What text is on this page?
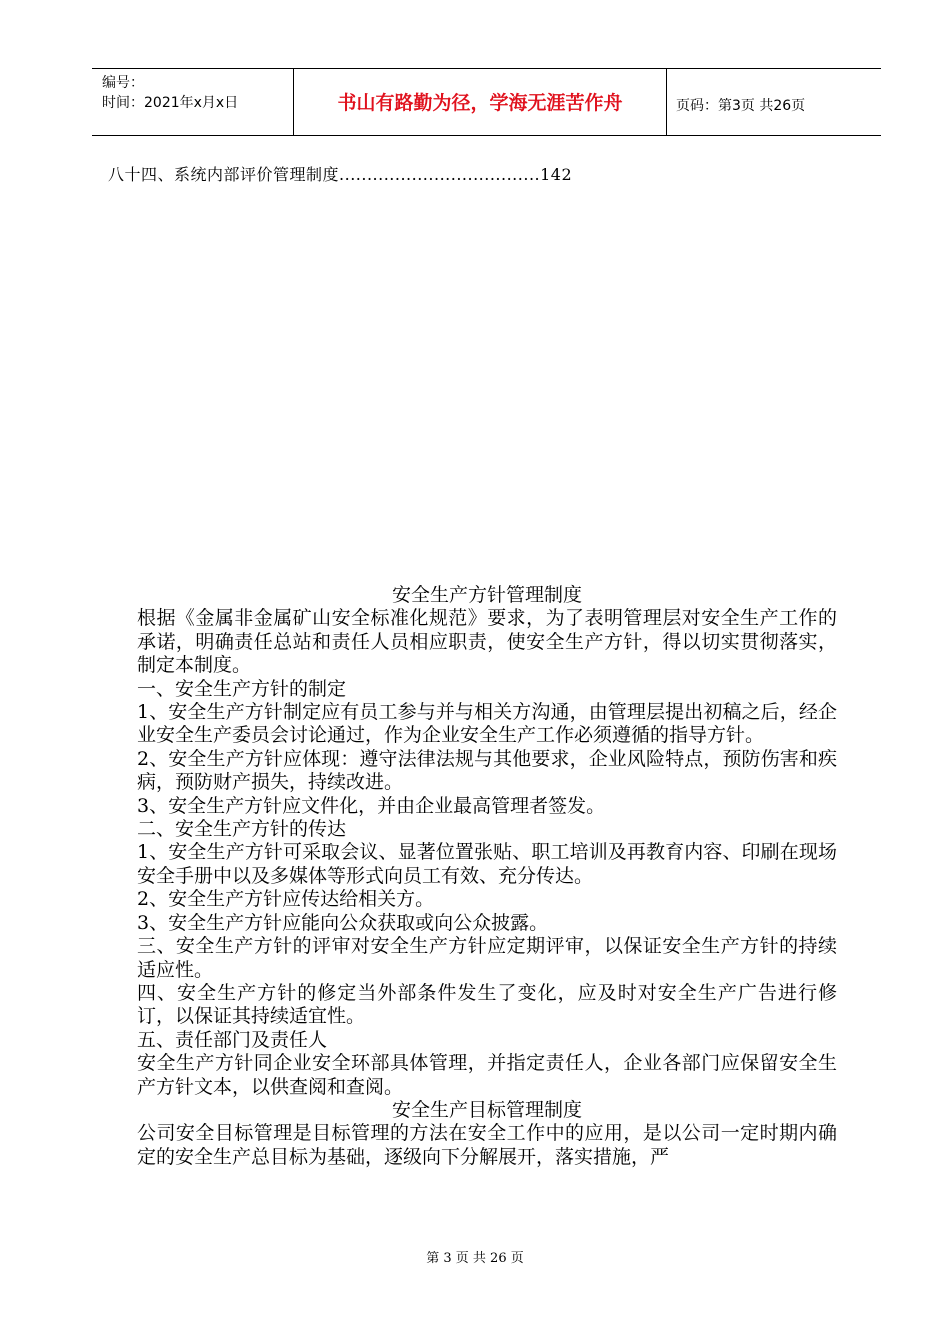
编号：
时间：2021年x月x日	书山有路勤为径，学海无涯苦作舟	页码：第3页 共26页
八十四、系统内部评价管理制度....................................142

安全生产方针管理制度

根据《金属非金属矿山安全标准化规范》要求，为了表明管理层对安全生产工作的承诺，明确责任总站和责任人员相应职责，使安全生产方针，得以切实贯彻落实，制定本制度。

一、安全生产方针的制定

1、安全生产方针制定应有员工参与并与相关方沟通，由管理层提出初稿之后，经企业安全生产委员会讨论通过，作为企业安全生产工作必须遵循的指导方针。

2、安全生产方针应体现：遵守法律法规与其他要求，企业风险特点，预防伤害和疾病，预防财产损失，持续改进。

3、安全生产方针应文件化，并由企业最高管理者签发。

二、安全生产方针的传达

1、安全生产方针可采取会议、显著位置张贴、职工培训及再教育内容、印刷在现场安全手册中以及多媒体等形式向员工有效、充分传达。

2、安全生产方针应传达给相关方。

3、安全生产方针应能向公众获取或向公众披露。

三、安全生产方针的评审对安全生产方针应定期评审，以保证安全生产方针的持续适应性。

四、安全生产方针的修定当外部条件发生了变化，应及时对安全生产广告进行修订，以保证其持续适宜性。

五、责任部门及责任人

安全生产方针同企业安全环部具体管理，并指定责任人，企业各部门应保留安全生产方针文本，以供查阅和查阅。

安全生产目标管理制度

公司安全目标管理是目标管理的方法在安全工作中的应用，是以公司一定时期内确定的安全生产总目标为基础，逐级向下分解展开，落实措施，严

第 3 页 共 26 页
